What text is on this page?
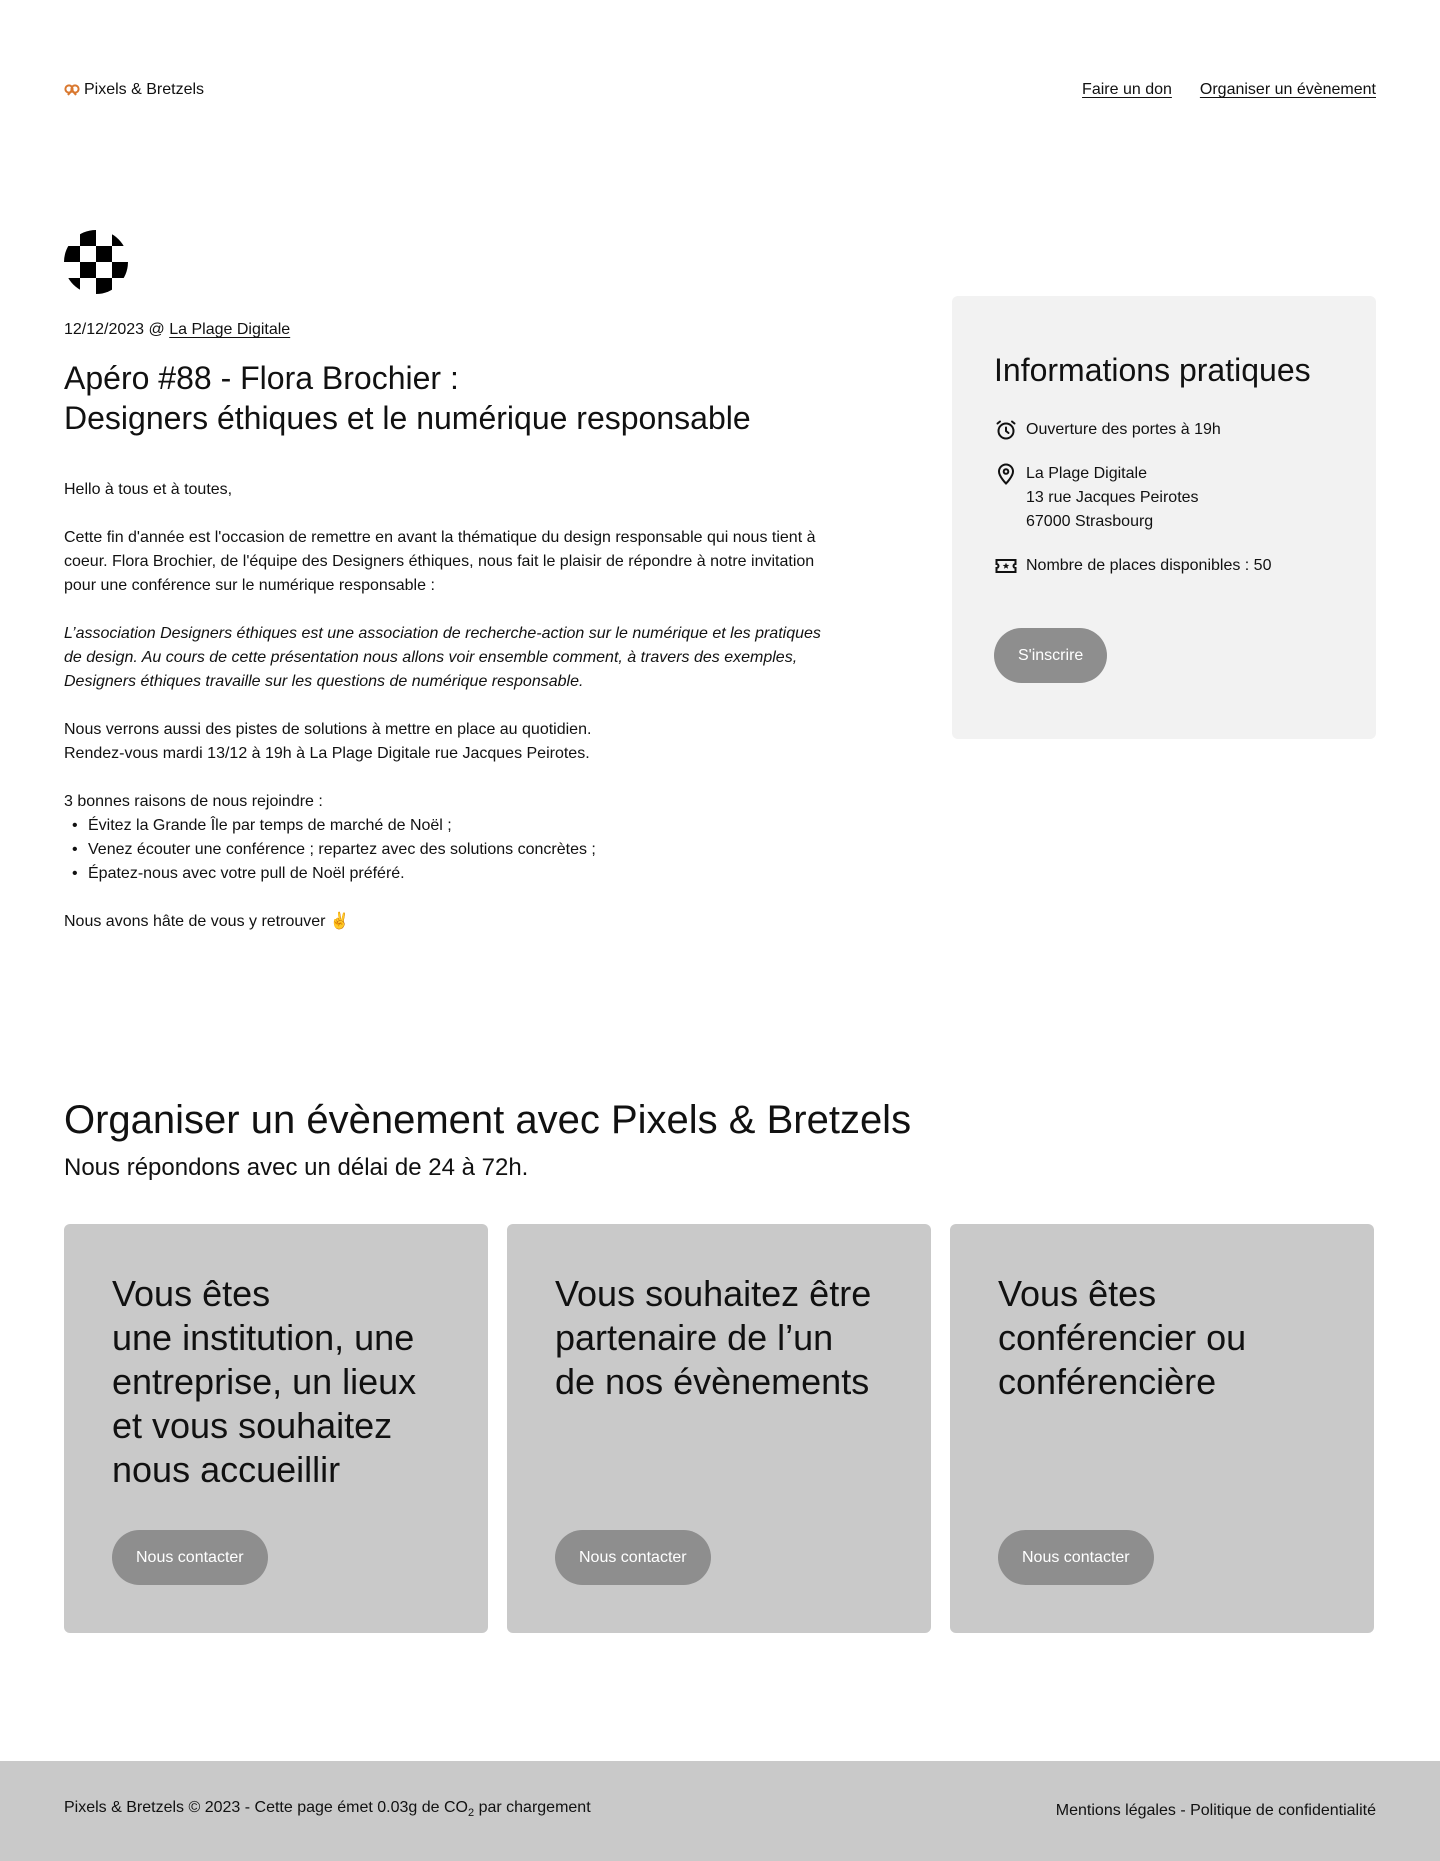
Pixels & Bretzels	Faire un don Organiser un évènement
12/12/2023 @ La Plage Digitale
Apéro #88 - Flora Brochier :
Designers éthiques et le numérique responsable

Hello à tous et à toutes,

Cette fin d'année est l'occasion de remettre en avant la thématique du design responsable qui nous tient à coeur. Flora Brochier, de l'équipe des Designers éthiques, nous fait le plaisir de répondre à notre invitation pour une conférence sur le numérique responsable :

L’association Designers éthiques est une association de recherche-action sur le numérique et les pratiques de design. Au cours de cette présentation nous allons voir ensemble comment, à travers des exemples, Designers éthiques travaille sur les questions de numérique responsable.

Nous verrons aussi des pistes de solutions à mettre en place au quotidien.
Rendez-vous mardi 13/12 à 19h à La Plage Digitale rue Jacques Peirotes.

3 bonnes raisons de nous rejoindre :

• Évitez la Grande Île par temps de marché de Noël ;
• Venez écouter une conférence ; repartez avec des solutions concrètes ;
• Épatez-nous avec votre pull de Noël préféré.

Nous avons hâte de vous y retrouver ✌️

Informations pratiques
Ouverture des portes à 19h
La Plage Digitale
13 rue Jacques Peirotes
67000 Strasbourg
Nombre de places disponibles : 50
S'inscrire
Organiser un évènement avec Pixels & Bretzels

Nous répondons avec un délai de 24 à 72h.

Vous êtes
une institution, une entreprise, un lieux et vous souhaitez nous accueillir
Nous contacter
Vous souhaitez être partenaire de l’un de nos évènements
Nous contacter
Vous êtes conférencier ou conférencière
Nous contacter
Pixels & Bretzels © 2023 - Cette page émet 0.03g de $CO_2$ par chargement	Mentions légales - Politique de confidentialité
